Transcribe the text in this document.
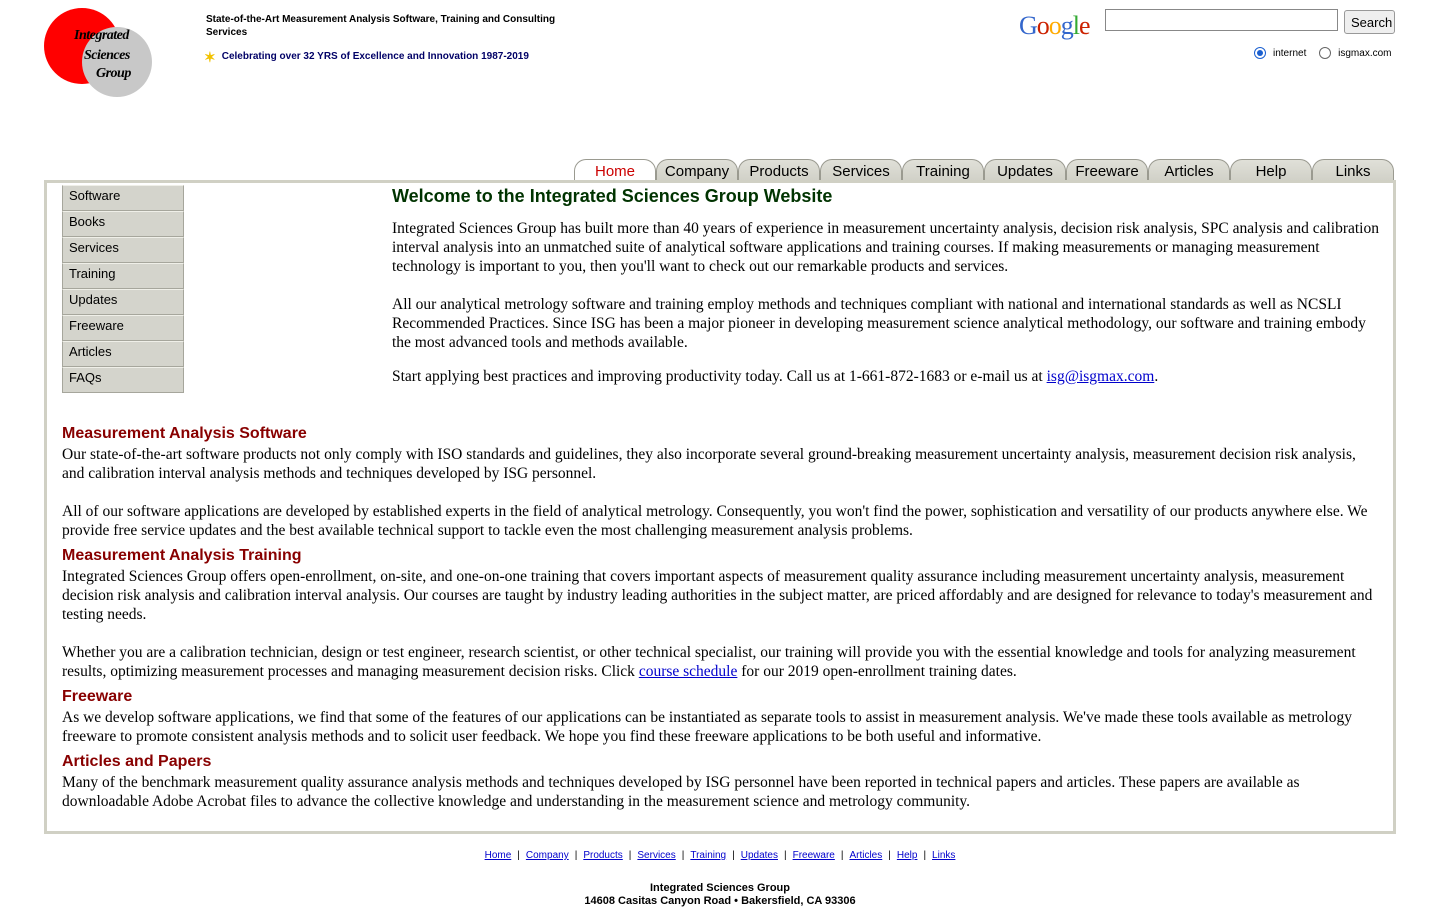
Integrated
Sciences
Group
State-of-the-Art Measurement Analysis Software, Training and Consulting Services
✶ Celebrating over 32 YRS of Excellence and Innovation 1987-2019
Google	Search
internet
	isgmax.com
Home	Company	Products	Services	Training	Updates	Freeware	Articles	Help	Links
Software
Books
Services
Training
Updates
Freeware
Articles
FAQs
Welcome to the Integrated Sciences Group Website

Integrated Sciences Group has built more than 40 years of experience in measurement uncertainty analysis, decision risk analysis, SPC analysis and calibration interval analysis into an unmatched suite of analytical software applications and training courses. If making measurements or managing measurement technology is important to you, then you'll want to check out our remarkable products and services.

All our analytical metrology software and training employ methods and techniques compliant with national and international standards as well as NCSLI Recommended Practices. Since ISG has been a major pioneer in developing measurement science analytical methodology, our software and training embody the most advanced tools and methods available.

Start applying best practices and improving productivity today. Call us at 1-661-872-1683 or e-mail us at isg@isgmax.com.

Measurement Analysis Software

Our state-of-the-art software products not only comply with ISO standards and guidelines, they also incorporate several ground-breaking measurement uncertainty analysis, measurement decision risk analysis, and calibration interval analysis methods and techniques developed by ISG personnel.

All of our software applications are developed by established experts in the field of analytical metrology. Consequently, you won't find the power, sophistication and versatility of our products anywhere else. We provide free service updates and the best available technical support to tackle even the most challenging measurement analysis problems.

Measurement Analysis Training

Integrated Sciences Group offers open-enrollment, on-site, and one-on-one training that covers important aspects of measurement quality assurance including measurement uncertainty analysis, measurement decision risk analysis and calibration interval analysis. Our courses are taught by industry leading authorities in the subject matter, are priced affordably and are designed for relevance to today's measurement and testing needs.

Whether you are a calibration technician, design or test engineer, research scientist, or other technical specialist, our training will provide you with the essential knowledge and tools for analyzing measurement results, optimizing measurement processes and managing measurement decision risks. Click course schedule for our 2019 open-enrollment training dates.

Freeware

As we develop software applications, we find that some of the features of our applications can be instantiated as separate tools to assist in measurement analysis. We've made these tools available as metrology freeware to promote consistent analysis methods and to solicit user feedback. We hope you find these freeware applications to be both useful and informative.

Articles and Papers

Many of the benchmark measurement quality assurance analysis methods and techniques developed by ISG personnel have been reported in technical papers and articles. These papers are available as downloadable Adobe Acrobat files to advance the collective knowledge and understanding in the measurement science and metrology community.

Home | Company | Products | Services | Training | Updates | Freeware | Articles | Help | Links
Integrated Sciences Group
14608 Casitas Canyon Road • Bakersfield, CA 93306
